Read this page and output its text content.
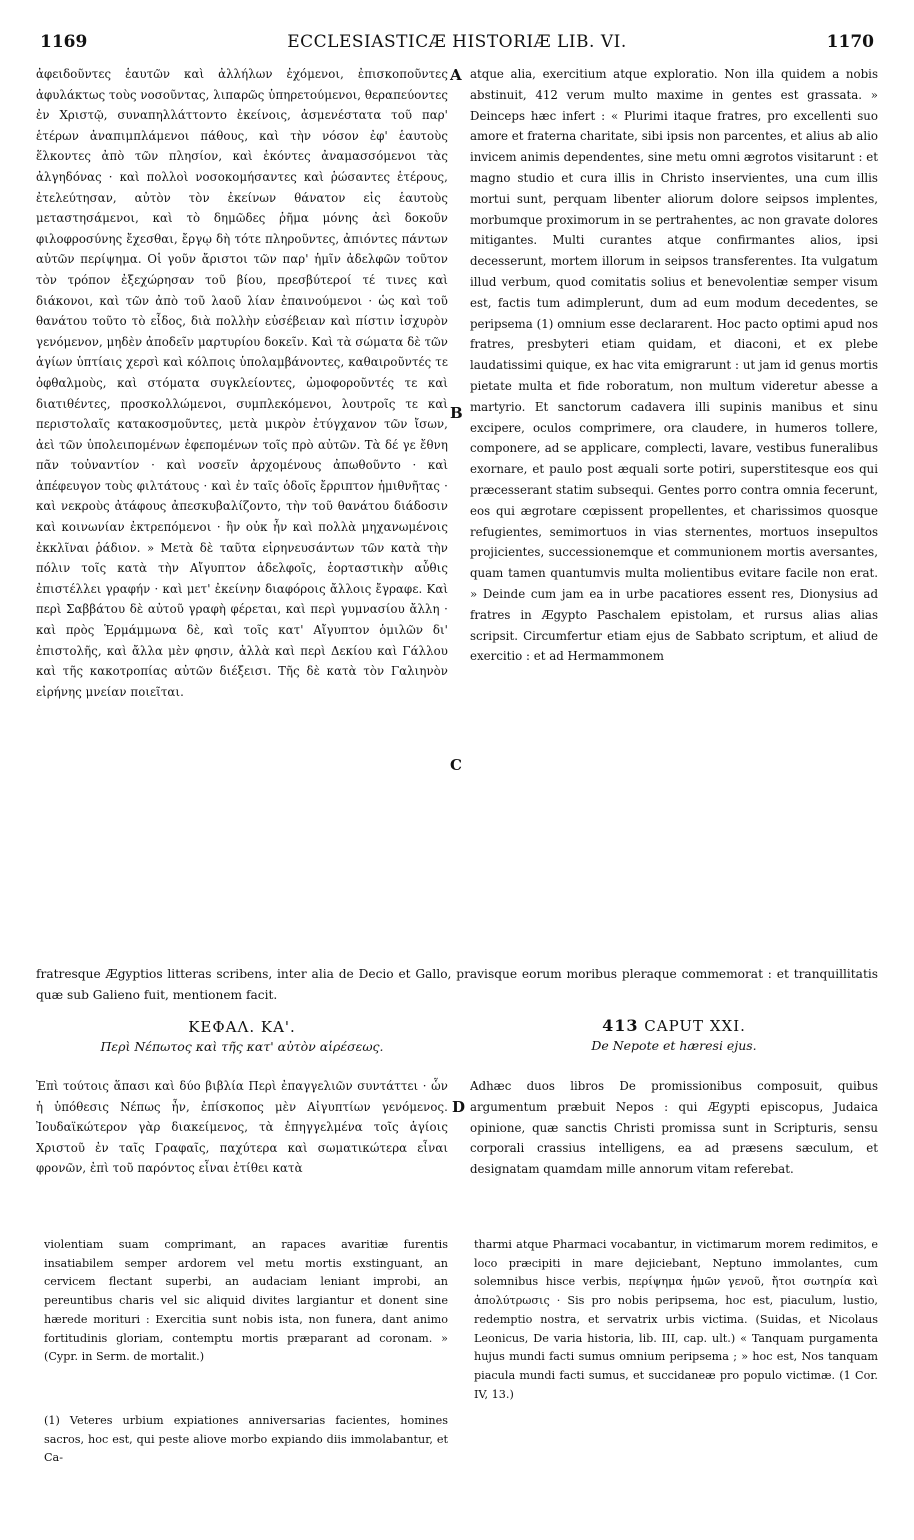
1169	ECCLESIASTICÆ HISTORIÆ LIB. VI.	1170
ἀφειδοῦντες ἑαυτῶν καὶ ἀλλήλων ἐχόμενοι, ἐπισκοποῦντες ἀφυλάκτως τοὺς νοσοῦντας, λιπαρῶς ὑπηρετούμενοι, θεραπεύοντες ἐν Χριστῷ, συναπηλλάττοντο ἐκείνοις, ἀσμενέστατα τοῦ παρ' ἑτέρων ἀναπιμπλάμενοι πάθους, καὶ τὴν νόσον ἐφ' ἑαυτοὺς ἕλκοντες ἀπὸ τῶν πλησίον, καὶ ἑκόντες ἀναμασσόμενοι τὰς ἀλγηδόνας · καὶ πολλοὶ νοσοκομήσαντες καὶ ῥώσαντες ἑτέρους, ἐτελεύτησαν, αὐτὸν τὸν ἐκείνων θάνατον εἰς ἑαυτοὺς μεταστησάμενοι, καὶ τὸ δημῶδες ῥῆμα μόνης ἀεὶ δοκοῦν φιλοφροσύνης ἔχεσθαι, ἔργῳ δὴ τότε πληροῦντες, ἀπιόντες πάντων αὐτῶν περίψημα. Οἱ γοῦν ἄριστοι τῶν παρ' ἡμῖν ἀδελφῶν τοῦτον τὸν τρόπον ἐξεχώρησαν τοῦ βίου, πρεσβύτεροί τέ τινες καὶ διάκονοι, καὶ τῶν ἀπὸ τοῦ λαοῦ λίαν ἐπαινούμενοι · ὡς καὶ τοῦ θανάτου τοῦτο τὸ εἶδος, διὰ πολλὴν εὐσέβειαν καὶ πίστιν ἰσχυρὸν γενόμενον, μηδὲν ἀποδεῖν μαρτυρίου δοκεῖν. Καὶ τὰ σώματα δὲ τῶν ἁγίων ὑπτίαις χερσὶ καὶ κόλποις ὑπολαμβάνοντες, καθαιροῦντές τε ὀφθαλμοὺς, καὶ στόματα συγκλείοντες, ὠμοφοροῦντές τε καὶ διατιθέντες, προσκολλώμενοι, συμπλεκόμενοι, λουτροῖς τε καὶ περιστολαῖς κατακοσμοῦντες, μετὰ μικρὸν ἐτύγχανον τῶν ἴσων, ἀεὶ τῶν ὑπολειπομένων ἐφεπομένων τοῖς πρὸ αὐτῶν. Τὰ δέ γε ἔθνη πᾶν τοὐναντίον · καὶ νοσεῖν ἀρχομένους ἀπωθοῦντο · καὶ ἀπέφευγον τοὺς φιλτάτους · καὶ ἐν ταῖς ὁδοῖς ἔρριπτον ἡμιθνῆτας · καὶ νεκροὺς ἀτάφους ἀπεσκυβαλίζοντο, τὴν τοῦ θανάτου διάδοσιν καὶ κοινωνίαν ἐκτρεπόμενοι · ἣν οὐκ ἦν καὶ πολλὰ μηχανωμένοις ἐκκλῖναι ῥάδιον. » Μετὰ δὲ ταῦτα εἰρηνευσάντων τῶν κατὰ τὴν πόλιν τοῖς κατὰ τὴν Αἴγυπτον ἀδελφοῖς, ἑορταστικὴν αὖθις ἐπιστέλλει γραφήν · καὶ μετ' ἐκείνην διαφόροις ἄλλοις ἔγραφε. Καὶ περὶ Σαββάτου δὲ αὐτοῦ γραφὴ φέρεται, καὶ περὶ γυμνασίου ἄλλη · καὶ πρὸς Ἑρμάμμωνα δὲ, καὶ τοῖς κατ' Αἴγυπτον ὁμιλῶν δι' ἐπιστολῆς, καὶ ἄλλα μὲν φησιν, ἀλλὰ καὶ περὶ Δεκίου καὶ Γάλλου καὶ τῆς κακοτροπίας αὐτῶν διέξεισι. Τῆς δὲ κατὰ τὸν Γαλιηνὸν εἰρήνης μνείαν ποιεῖται.
A
B
C
D
atque alia, exercitium atque exploratio. Non illa quidem a nobis abstinuit, 412 verum multo maxime in gentes est grassata. » Deinceps hæc infert : « Plurimi itaque fratres, pro excellenti suo amore et fraterna charitate, sibi ipsis non parcentes, et alius ab alio invicem animis dependentes, sine metu omni ægrotos visitarunt : et magno studio et cura illis in Christo inservientes, una cum illis mortui sunt, perquam libenter aliorum dolore seipsos implentes, morbumque proximorum in se pertrahentes, ac non gravate dolores mitigantes. Multi curantes atque confirmantes alios, ipsi decesserunt, mortem illorum in seipsos transferentes. Ita vulgatum illud verbum, quod comitatis solius et benevolentiæ semper visum est, factis tum adimplerunt, dum ad eum modum decedentes, se peripsema (1) omnium esse declararent. Hoc pacto optimi apud nos fratres, presbyteri etiam quidam, et diaconi, et ex plebe laudatissimi quique, ex hac vita emigrarunt : ut jam id genus mortis pietate multa et fide roboratum, non multum videretur abesse a martyrio. Et sanctorum cadavera illi supinis manibus et sinu excipere, oculos comprimere, ora claudere, in humeros tollere, componere, ad se applicare, complecti, lavare, vestibus funeralibus exornare, et paulo post æquali sorte potiri, superstitesque eos qui præcesserant statim subsequi. Gentes porro contra omnia fecerunt, eos qui ægrotare cœpissent propellentes, et charissimos quosque refugientes, semimortuos in vias sternentes, mortuos insepultos projicientes, successionemque et communionem mortis aversantes, quam tamen quantumvis multa molientibus evitare facile non erat. » Deinde cum jam ea in urbe pacatiores essent res, Dionysius ad fratres in Ægypto Paschalem epistolam, et rursus alias alias scripsit. Circumfertur etiam ejus de Sabbato scriptum, et aliud de exercitio : et ad Hermammonem
fratresque Ægyptios litteras scribens, inter alia de Decio et Gallo, pravisque eorum moribus pleraque commemorat : et tranquillitatis quæ sub Galieno fuit, mentionem facit.
ΚΕΦΑΛ. ΚΑ'.
Περὶ Νέπωτος καὶ τῆς κατ' αὐτὸν αἱρέσεως.
413 CAPUT XXI.
De Nepote et hæresi ejus.
Ἐπὶ τούτοις ἅπασι καὶ δύο βιβλία Περὶ ἐπαγγελιῶν συντάττει · ὧν ἡ ὑπόθεσις Νέπως ἦν, ἐπίσκοπος μὲν Αἰγυπτίων γενόμενος. Ἰουδαϊκώτερον γὰρ διακείμενος, τὰ ἐπηγγελμένα τοῖς ἁγίοις Χριστοῦ ἐν ταῖς Γραφαῖς, παχύτερα καὶ σωματικώτερα εἶναι φρονῶν, ἐπὶ τοῦ παρόντος εἶναι ἐτίθει κατὰ
Adhæc duos libros De promissionibus composuit, quibus argumentum præbuit Nepos : qui Ægypti episcopus, Judaica opinione, quæ sanctis Christi promissa sunt in Scripturis, sensu corporali crassius intelligens, ea ad præsens sæculum, et designatam quamdam mille annorum vitam referebat.
violentiam suam comprimant, an rapaces avaritiæ furentis insatiabilem semper ardorem vel metu mortis exstinguant, an cervicem flectant superbi, an audaciam leniant improbi, an pereuntibus charis vel sic aliquid divites largiantur et donent sine hærede morituri : Exercitia sunt nobis ista, non funera, dant animo fortitudinis gloriam, contemptu mortis præparant ad coronam. » (Cypr. in Serm. de mortalit.)
(1) Veteres urbium expiationes anniversarias facientes, homines sacros, hoc est, qui peste aliove morbo expiando diis immolabantur, et Ca-
tharmi atque Pharmaci vocabantur, in victimarum morem redimitos, e loco præcipiti in mare dejiciebant, Neptuno immolantes, cum solemnibus hisce verbis, περίψημα ἡμῶν γενοῦ, ἤτοι σωτηρία καὶ ἀπολύτρωσις · Sis pro nobis peripsema, hoc est, piaculum, lustio, redemptio nostra, et servatrix urbis victima. (Suidas, et Nicolaus Leonicus, De varia historia, lib. III, cap. ult.) « Tanquam purgamenta hujus mundi facti sumus omnium peripsema ; » hoc est, Nos tanquam piacula mundi facti sumus, et succidaneæ pro populo victimæ. (1 Cor. IV, 13.)
